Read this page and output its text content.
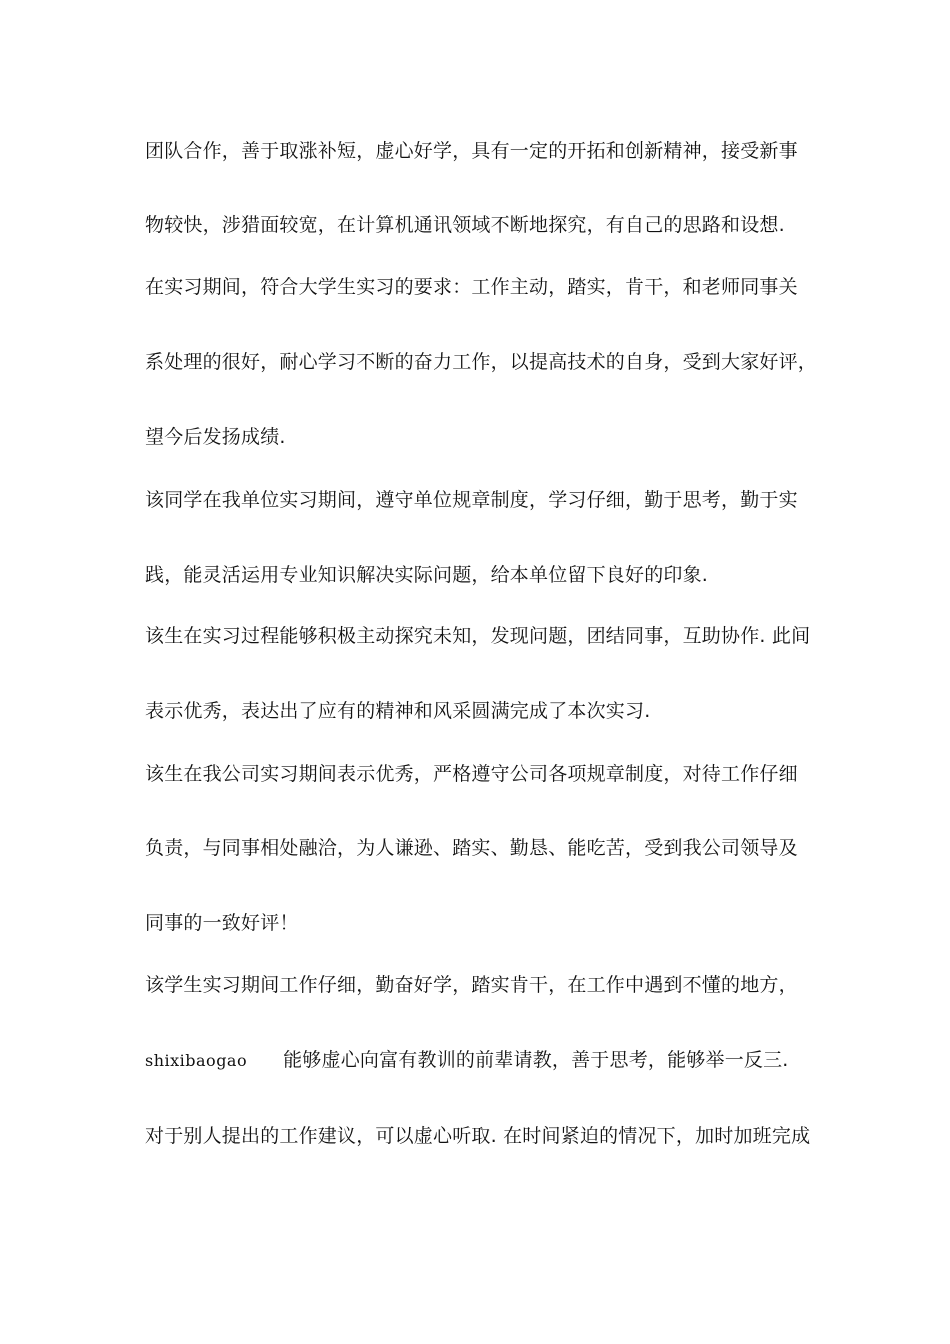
团队合作，善于取涨补短，虚心好学，具有一定的开拓和创新精神，接受新事
物较快，涉猎面较宽，在计算机通讯领域不断地探究，有自己的思路和设想.
在实习期间，符合大学生实习的要求：工作主动，踏实，肯干，和老师同事关
系处理的很好，耐心学习不断的奋力工作，以提高技术的自身，受到大家好评，
望今后发扬成绩.
该同学在我单位实习期间，遵守单位规章制度，学习仔细，勤于思考，勤于实
践，能灵活运用专业知识解决实际问题，给本单位留下良好的印象.
该生在实习过程能够积极主动探究未知，发现问题，团结同事，互助协作. 此间
表示优秀，表达出了应有的精神和风采圆满完成了本次实习.
该生在我公司实习期间表示优秀，严格遵守公司各项规章制度，对待工作仔细
负责，与同事相处融洽，为人谦逊、踏实、勤恳、能吃苦，受到我公司领导及
同事的一致好评！
该学生实习期间工作仔细，勤奋好学，踏实肯干，在工作中遇到不懂的地方，
shixibaogao 能够虚心向富有教训的前辈请教，善于思考，能够举一反三.
对于别人提出的工作建议，可以虚心听取. 在时间紧迫的情况下，加时加班完成
